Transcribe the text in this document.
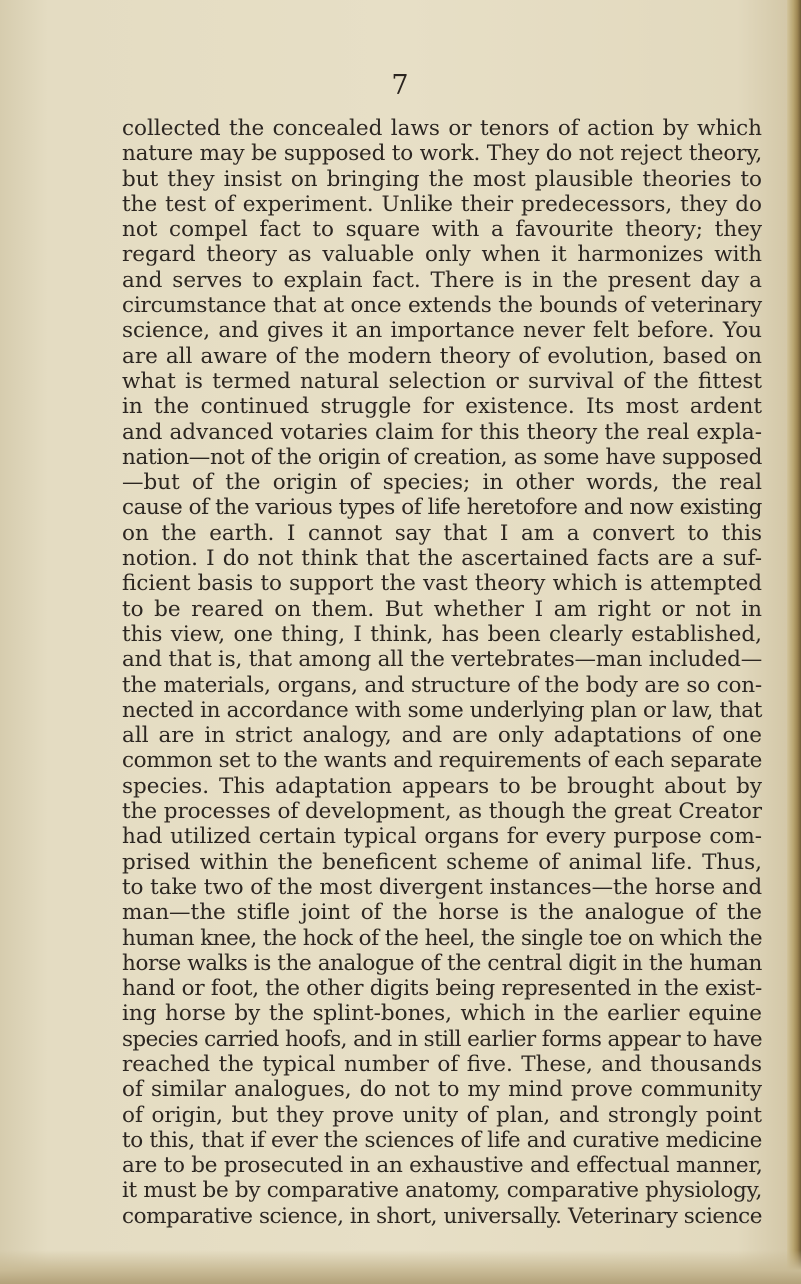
7
collected the concealed laws or tenors of action by which
nature may be supposed to work. They do not reject theory,
but they insist on bringing the most plausible theories to
the test of experiment. Unlike their predecessors, they do
not compel fact to square with a favourite theory; they
regard theory as valuable only when it harmonizes with
and serves to explain fact. There is in the present day a
circumstance that at once extends the bounds of veterinary
science, and gives it an importance never felt before. You
are all aware of the modern theory of evolution, based on
what is termed natural selection or survival of the fittest
in the continued struggle for existence. Its most ardent
and advanced votaries claim for this theory the real expla-
nation—not of the origin of creation, as some have supposed
—but of the origin of species; in other words, the real
cause of the various types of life heretofore and now existing
on the earth. I cannot say that I am a convert to this
notion. I do not think that the ascertained facts are a suf-
ficient basis to support the vast theory which is attempted
to be reared on them. But whether I am right or not in
this view, one thing, I think, has been clearly established,
and that is, that among all the vertebrates—man included—
the materials, organs, and structure of the body are so con-
nected in accordance with some underlying plan or law, that
all are in strict analogy, and are only adaptations of one
common set to the wants and requirements of each separate
species. This adaptation appears to be brought about by
the processes of development, as though the great Creator
had utilized certain typical organs for every purpose com-
prised within the beneficent scheme of animal life. Thus,
to take two of the most divergent instances—the horse and
man—the stifle joint of the horse is the analogue of the
human knee, the hock of the heel, the single toe on which the
horse walks is the analogue of the central digit in the human
hand or foot, the other digits being represented in the exist-
ing horse by the splint-bones, which in the earlier equine
species carried hoofs, and in still earlier forms appear to have
reached the typical number of five. These, and thousands
of similar analogues, do not to my mind prove community
of origin, but they prove unity of plan, and strongly point
to this, that if ever the sciences of life and curative medicine
are to be prosecuted in an exhaustive and effectual manner,
it must be by comparative anatomy, comparative physiology,
comparative science, in short, universally. Veterinary science
